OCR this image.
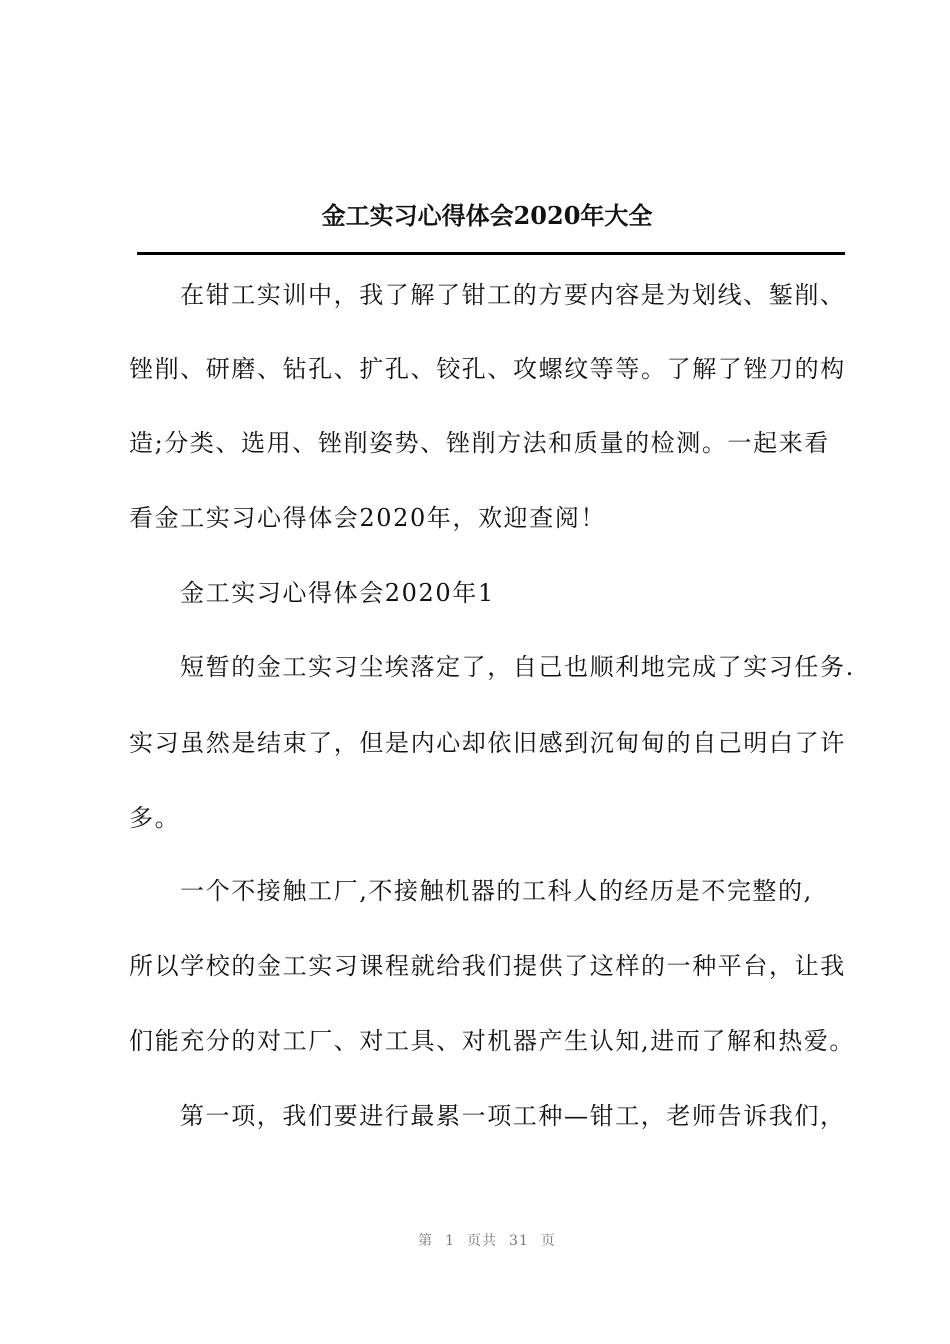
金工实习心得体会2020年大全

在钳工实训中，我了解了钳工的方要内容是为划线、錾削、

锉削、研磨、钻孔、扩孔、铰孔、攻螺纹等等。了解了锉刀的构

造;分类、选用、锉削姿势、锉削方法和质量的检测。一起来看

看金工实习心得体会2020年，欢迎查阅！

金工实习心得体会2020年1

短暂的金工实习尘埃落定了，自己也顺利地完成了实习任务.

实习虽然是结束了，但是内心却依旧感到沉甸甸的自己明白了许

多。

一个不接触工厂,不接触机器的工科人的经历是不完整的,

所以学校的金工实习课程就给我们提供了这样的一种平台，让我

们能充分的对工厂、对工具、对机器产生认知,进而了解和热爱。

第一项，我们要进行最累一项工种—钳工，老师告诉我们，

第 1 页共 31 页
